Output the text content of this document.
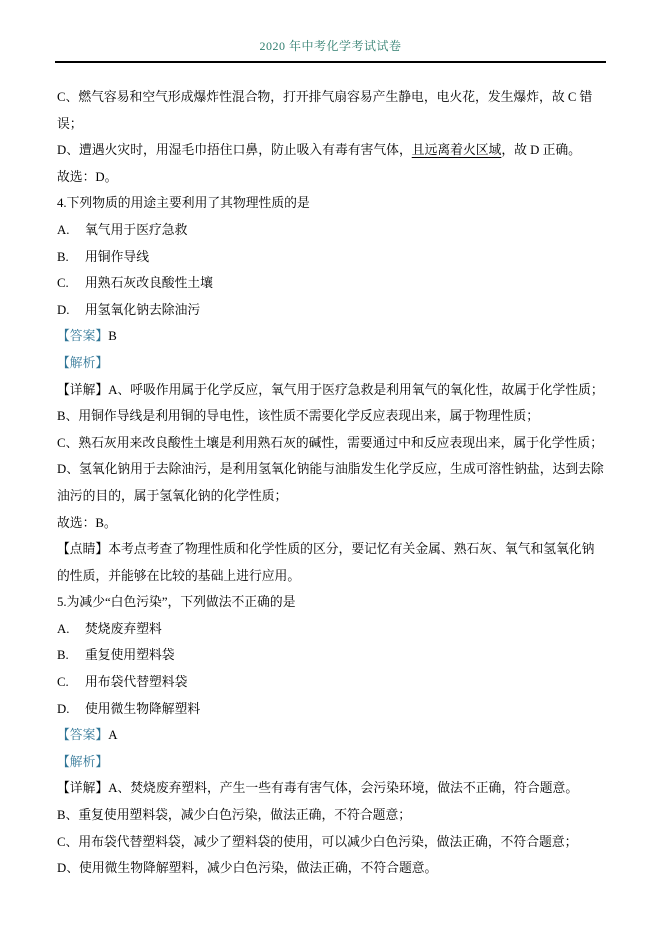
2020 年中考化学考试试卷

C、燃气容易和空气形成爆炸性混合物，打开排气扇容易产生静电，电火花，发生爆炸，故 C 错误；

D、遭遇火灾时，用湿毛巾捂住口鼻，防止吸入有毒有害气体，且远离着火区域，故 D 正确。

故选：D。

4.下列物质的用途主要利用了其物理性质的是

A.	氧气用于医疗急救

B.	用铜作导线

C.	用熟石灰改良酸性土壤

D.	用氢氧化钠去除油污

【答案】B

【解析】

【详解】A、呼吸作用属于化学反应，氧气用于医疗急救是利用氧气的氧化性，故属于化学性质；

B、用铜作导线是利用铜的导电性，该性质不需要化学反应表现出来，属于物理性质；

C、熟石灰用来改良酸性土壤是利用熟石灰的碱性，需要通过中和反应表现出来，属于化学性质；

D、氢氧化钠用于去除油污，是利用氢氧化钠能与油脂发生化学反应，生成可溶性钠盐，达到去除油污的目的，属于氢氧化钠的化学性质；

故选：B。

【点睛】本考点考查了物理性质和化学性质的区分，要记忆有关金属、熟石灰、氧气和氢氧化钠的性质，并能够在比较的基础上进行应用。

5.为减少“白色污染”，下列做法不正确的是

A.	焚烧废弃塑料

B.	重复使用塑料袋

C.	用布袋代替塑料袋

D.	使用微生物降解塑料

【答案】A

【解析】

【详解】A、焚烧废弃塑料，产生一些有毒有害气体，会污染环境，做法不正确，符合题意。

B、重复使用塑料袋，减少白色污染，做法正确，不符合题意；

C、用布袋代替塑料袋，减少了塑料袋的使用，可以减少白色污染，做法正确，不符合题意；

D、使用微生物降解塑料，减少白色污染，做法正确，不符合题意。
